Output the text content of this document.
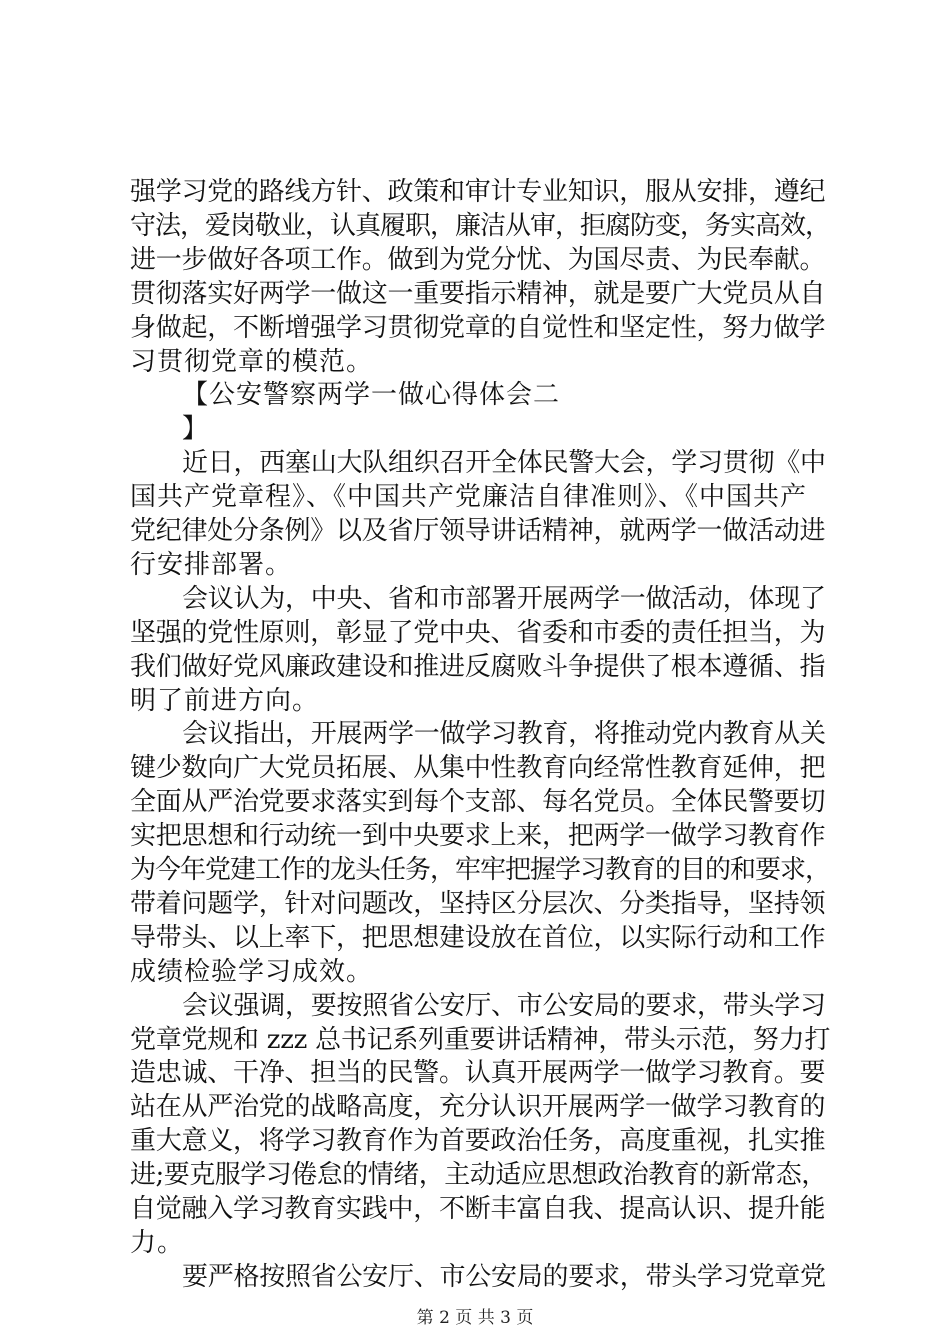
强学习党的路线方针、政策和审计专业知识，服从安排，遵纪
守法，爱岗敬业，认真履职，廉洁从审，拒腐防变，务实高效，
进一步做好各项工作。做到为党分忧、为国尽责、为民奉献。
贯彻落实好两学一做这一重要指示精神，就是要广大党员从自
身做起，不断增强学习贯彻党章的自觉性和坚定性，努力做学
习贯彻党章的模范。
【公安警察两学一做心得体会二
】
近日，西塞山大队组织召开全体民警大会，学习贯彻《中
国共产党章程》、《中国共产党廉洁自律准则》、《中国共产
党纪律处分条例》以及省厅领导讲话精神，就两学一做活动进
行安排部署。
会议认为，中央、省和市部署开展两学一做活动，体现了
坚强的党性原则，彰显了党中央、省委和市委的责任担当，为
我们做好党风廉政建设和推进反腐败斗争提供了根本遵循、指
明了前进方向。
会议指出，开展两学一做学习教育，将推动党内教育从关
键少数向广大党员拓展、从集中性教育向经常性教育延伸，把
全面从严治党要求落实到每个支部、每名党员。全体民警要切
实把思想和行动统一到中央要求上来，把两学一做学习教育作
为今年党建工作的龙头任务，牢牢把握学习教育的目的和要求，
带着问题学，针对问题改，坚持区分层次、分类指导，坚持领
导带头、以上率下，把思想建设放在首位，以实际行动和工作
成绩检验学习成效。
会议强调，要按照省公安厅、市公安局的要求，带头学习
党章党规和 zzz 总书记系列重要讲话精神，带头示范，努力打
造忠诚、干净、担当的民警。认真开展两学一做学习教育。要
站在从严治党的战略高度，充分认识开展两学一做学习教育的
重大意义，将学习教育作为首要政治任务，高度重视，扎实推
进;要克服学习倦怠的情绪，主动适应思想政治教育的新常态，
自觉融入学习教育实践中，不断丰富自我、提高认识、提升能
力。
要严格按照省公安厅、市公安局的要求，带头学习党章党
第 2 页 共 3 页
